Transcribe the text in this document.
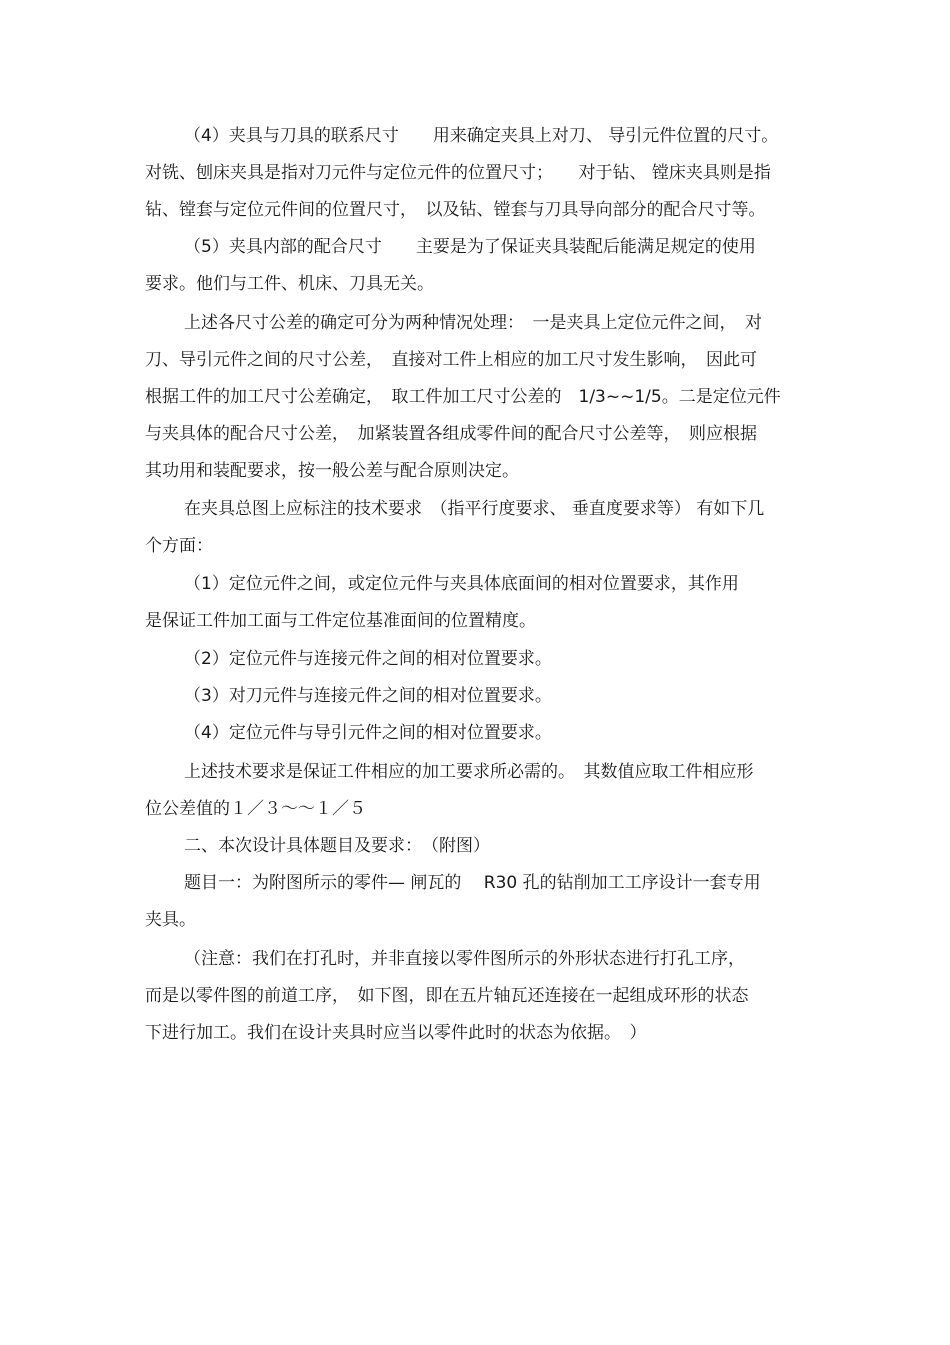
（4）夹具与刀具的联系尺寸　　用来确定夹具上对刀、 导引元件位置的尺寸。
对铣、刨床夹具是指对刀元件与定位元件的位置尺寸；　　对于钻、 镗床夹具则是指
钻、镗套与定位元件间的位置尺寸，　以及钻、镗套与刀具导向部分的配合尺寸等。
（5）夹具内部的配合尺寸　　主要是为了保证夹具装配后能满足规定的使用
要求。他们与工件、机床、刀具无关。
上述各尺寸公差的确定可分为两种情况处理：　一是夹具上定位元件之间，　对
刀、导引元件之间的尺寸公差，　直接对工件上相应的加工尺寸发生影响，　因此可
根据工件的加工尺寸公差确定，　取工件加工尺寸公差的　1/3~~1/5。二是定位元件
与夹具体的配合尺寸公差，　加紧装置各组成零件间的配合尺寸公差等，　则应根据
其功用和装配要求，按一般公差与配合原则决定。
在夹具总图上应标注的技术要求　（指平行度要求、 垂直度要求等） 有如下几
个方面：
（1）定位元件之间，或定位元件与夹具体底面间的相对位置要求，其作用
是保证工件加工面与工件定位基准面间的位置精度。
（2）定位元件与连接元件之间的相对位置要求。
（3）对刀元件与连接元件之间的相对位置要求。
（4）定位元件与导引元件之间的相对位置要求。
上述技术要求是保证工件相应的加工要求所必需的。　其数值应取工件相应形
位公差值的１／３～～１／５
二、本次设计具体题目及要求：　（附图）
题目一：为附图所示的零件— 闸瓦的　 R30 孔的钻削加工工序设计一套专用
夹具。
（注意：我们在打孔时，并非直接以零件图所示的外形状态进行打孔工序，
而是以零件图的前道工序，　如下图，即在五片轴瓦还连接在一起组成环形的状态
下进行加工。我们在设计夹具时应当以零件此时的状态为依据。　）
